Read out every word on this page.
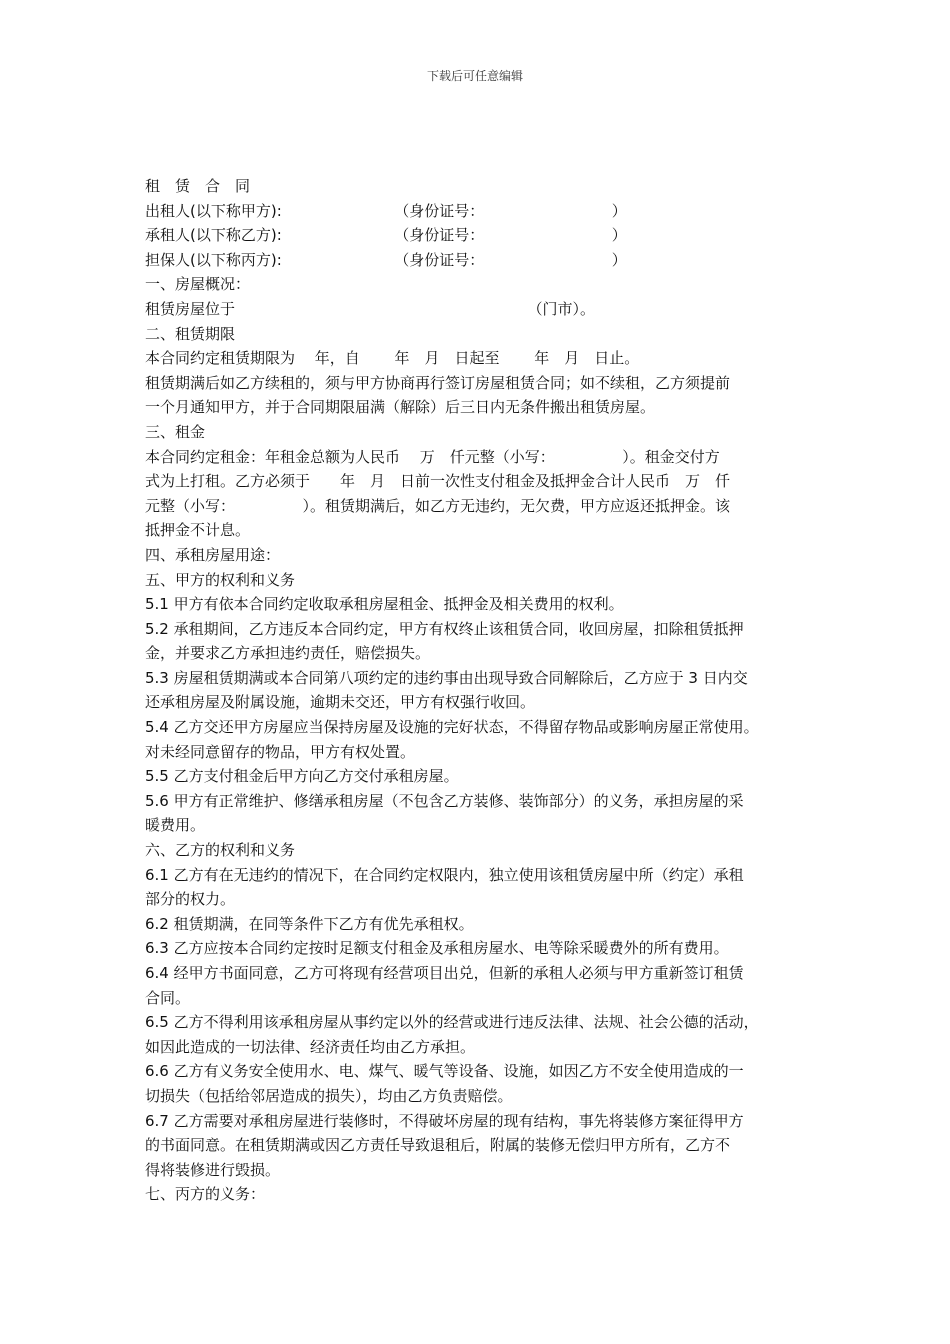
下载后可任意编辑
租　赁　合　同
出租人(以下称甲方):　　　　　　　　（身份证号：　　　　　　　　　）
承租人(以下称乙方):　　　　　　　　（身份证号：　　　　　　　　　）
担保人(以下称丙方):　　　　　　　　（身份证号：　　　　　　　　　）
一、房屋概况：
租赁房屋位于　　　　　　　　　　　　　　　　　　　　（门市）。
二、租赁期限
本合同约定租赁期限为　 年，自　　 年　月　日起至　　 年　月　日止。
租赁期满后如乙方续租的，须与甲方协商再行签订房屋租赁合同；如不续租，乙方须提前
一个月通知甲方，并于合同期限届满（解除）后三日内无条件搬出租赁房屋。
三、租金
本合同约定租金：年租金总额为人民币　 万　仟元整（小写：　　　　　）。租金交付方
式为上打租。乙方必须于　　年　月　日前一次性支付租金及抵押金合计人民币　万　仟
元整（小写：　　　　　）。租赁期满后，如乙方无违约，无欠费，甲方应返还抵押金。该
抵押金不计息。
四、承租房屋用途：
五、甲方的权利和义务
5.1 甲方有依本合同约定收取承租房屋租金、抵押金及相关费用的权利。
5.2 承租期间，乙方违反本合同约定，甲方有权终止该租赁合同，收回房屋，扣除租赁抵押
金，并要求乙方承担违约责任，赔偿损失。
5.3 房屋租赁期满或本合同第八项约定的违约事由出现导致合同解除后，乙方应于 3 日内交
还承租房屋及附属设施，逾期未交还，甲方有权强行收回。
5.4 乙方交还甲方房屋应当保持房屋及设施的完好状态，不得留存物品或影响房屋正常使用。
对未经同意留存的物品，甲方有权处置。
5.5 乙方支付租金后甲方向乙方交付承租房屋。
5.6 甲方有正常维护、修缮承租房屋（不包含乙方装修、装饰部分）的义务，承担房屋的采
暖费用。
六、乙方的权利和义务
6.1 乙方有在无违约的情况下，在合同约定权限内，独立使用该租赁房屋中所（约定）承租
部分的权力。
6.2 租赁期满，在同等条件下乙方有优先承租权。
6.3 乙方应按本合同约定按时足额支付租金及承租房屋水、电等除采暖费外的所有费用。
6.4 经甲方书面同意，乙方可将现有经营项目出兑，但新的承租人必须与甲方重新签订租赁
合同。
6.5 乙方不得利用该承租房屋从事约定以外的经营或进行违反法律、法规、社会公德的活动，
如因此造成的一切法律、经济责任均由乙方承担。
6.6 乙方有义务安全使用水、电、煤气、暖气等设备、设施，如因乙方不安全使用造成的一
切损失（包括给邻居造成的损失），均由乙方负责赔偿。
6.7 乙方需要对承租房屋进行装修时，不得破坏房屋的现有结构，事先将装修方案征得甲方
的书面同意。在租赁期满或因乙方责任导致退租后，附属的装修无偿归甲方所有，乙方不
得将装修进行毁损。
七、丙方的义务：
